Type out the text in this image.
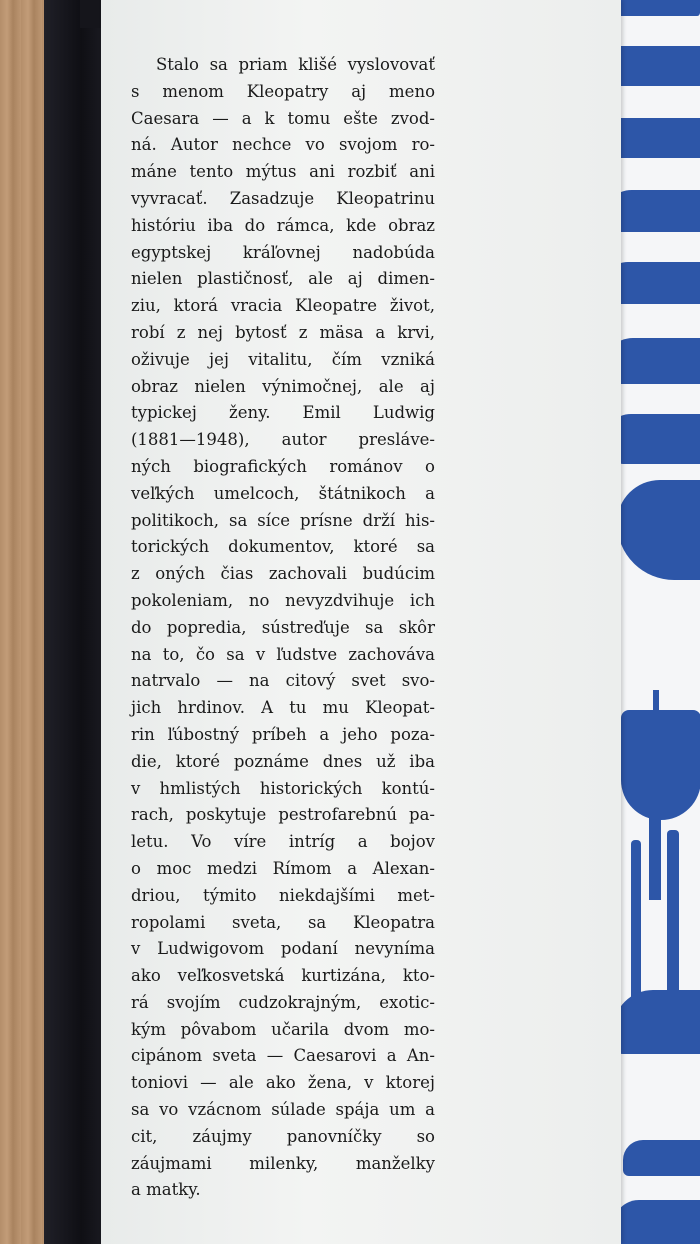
Stalo sa priam klišé vyslovovať
s menom Kleopatry aj meno
Caesara — a k tomu ešte zvod-
ná. Autor nechce vo svojom ro-
máne tento mýtus ani rozbiť ani
vyvracať. Zasadzuje Kleopatrinu
históriu iba do rámca, kde obraz
egyptskej kráľovnej nadobúda
nielen plastičnosť, ale aj dimen-
ziu, ktorá vracia Kleopatre život,
robí z nej bytosť z mäsa a krvi,
oživuje jej vitalitu, čím vzniká
obraz nielen výnimočnej, ale aj
typickej ženy. Emil Ludwig
(1881—1948), autor presláve-
ných biografických románov o
veľkých umelcoch, štátnikoch a
politikoch, sa síce prísne drží his-
torických dokumentov, ktoré sa
z oných čias zachovali budúcim
pokoleniam, no nevyzdvihuje ich
do popredia, sústreďuje sa skôr
na to, čo sa v ľudstve zachováva
natrvalo — na citový svet svo-
jich hrdinov. A tu mu Kleopat-
rin ľúbostný príbeh a jeho poza-
die, ktoré poznáme dnes už iba
v hmlistých historických kontú-
rach, poskytuje pestrofarebnú pa-
letu. Vo víre intríg a bojov
o moc medzi Rímom a Alexan-
driou, týmito niekdajšími met-
ropolami sveta, sa Kleopatra
v Ludwigovom podaní nevyníma
ako veľkosvetská kurtizána, kto-
rá svojím cudzokrajným, exotic-
kým pôvabom učarila dvom mo-
cipánom sveta — Caesarovi a An-
toniovi — ale ako žena, v ktorej
sa vo vzácnom súlade spája um a
cit, záujmy panovníčky so
záujmami milenky, manželky
a matky.
